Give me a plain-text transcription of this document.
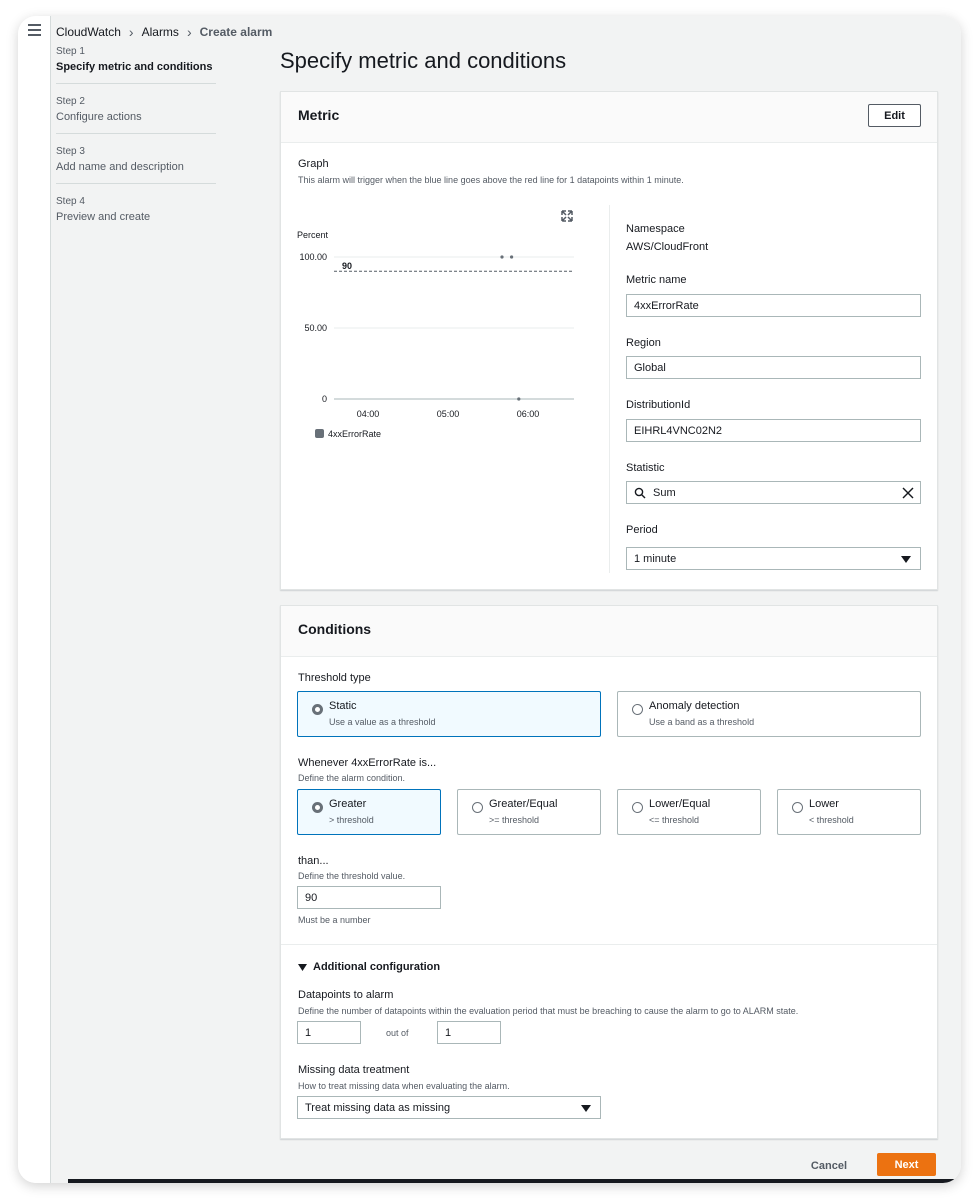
CloudWatch › Alarms › Create alarm
Step 1
Specify metric and conditions
Step 2
Configure actions
Step 3
Add name and description
Step 4
Preview and create
Specify metric and conditions
Metric	Edit
Graph
This alarm will trigger when the blue line goes above the red line for 1 datapoints within 1 minute.
Percent
100.00
50.00
0
90
04:00	05:00	06:00
4xxErrorRate
Namespace
AWS/CloudFront
Metric name
4xxErrorRate
Region
Global
DistributionId
EIHRL4VNC02N2
Statistic
Sum
Period
1 minute
Conditions
Threshold type
Static
Use a value as a threshold
Anomaly detection
Use a band as a threshold
Whenever 4xxErrorRate is...
Define the alarm condition.
Greater
> threshold
Greater/Equal
>= threshold
Lower/Equal
<= threshold
Lower
< threshold
than...
Define the threshold value.
90
Must be a number
Additional configuration
Datapoints to alarm
Define the number of datapoints within the evaluation period that must be breaching to cause the alarm to go to ALARM state.
1	out of	1
Missing data treatment
How to treat missing data when evaluating the alarm.
Treat missing data as missing
Cancel	Next
